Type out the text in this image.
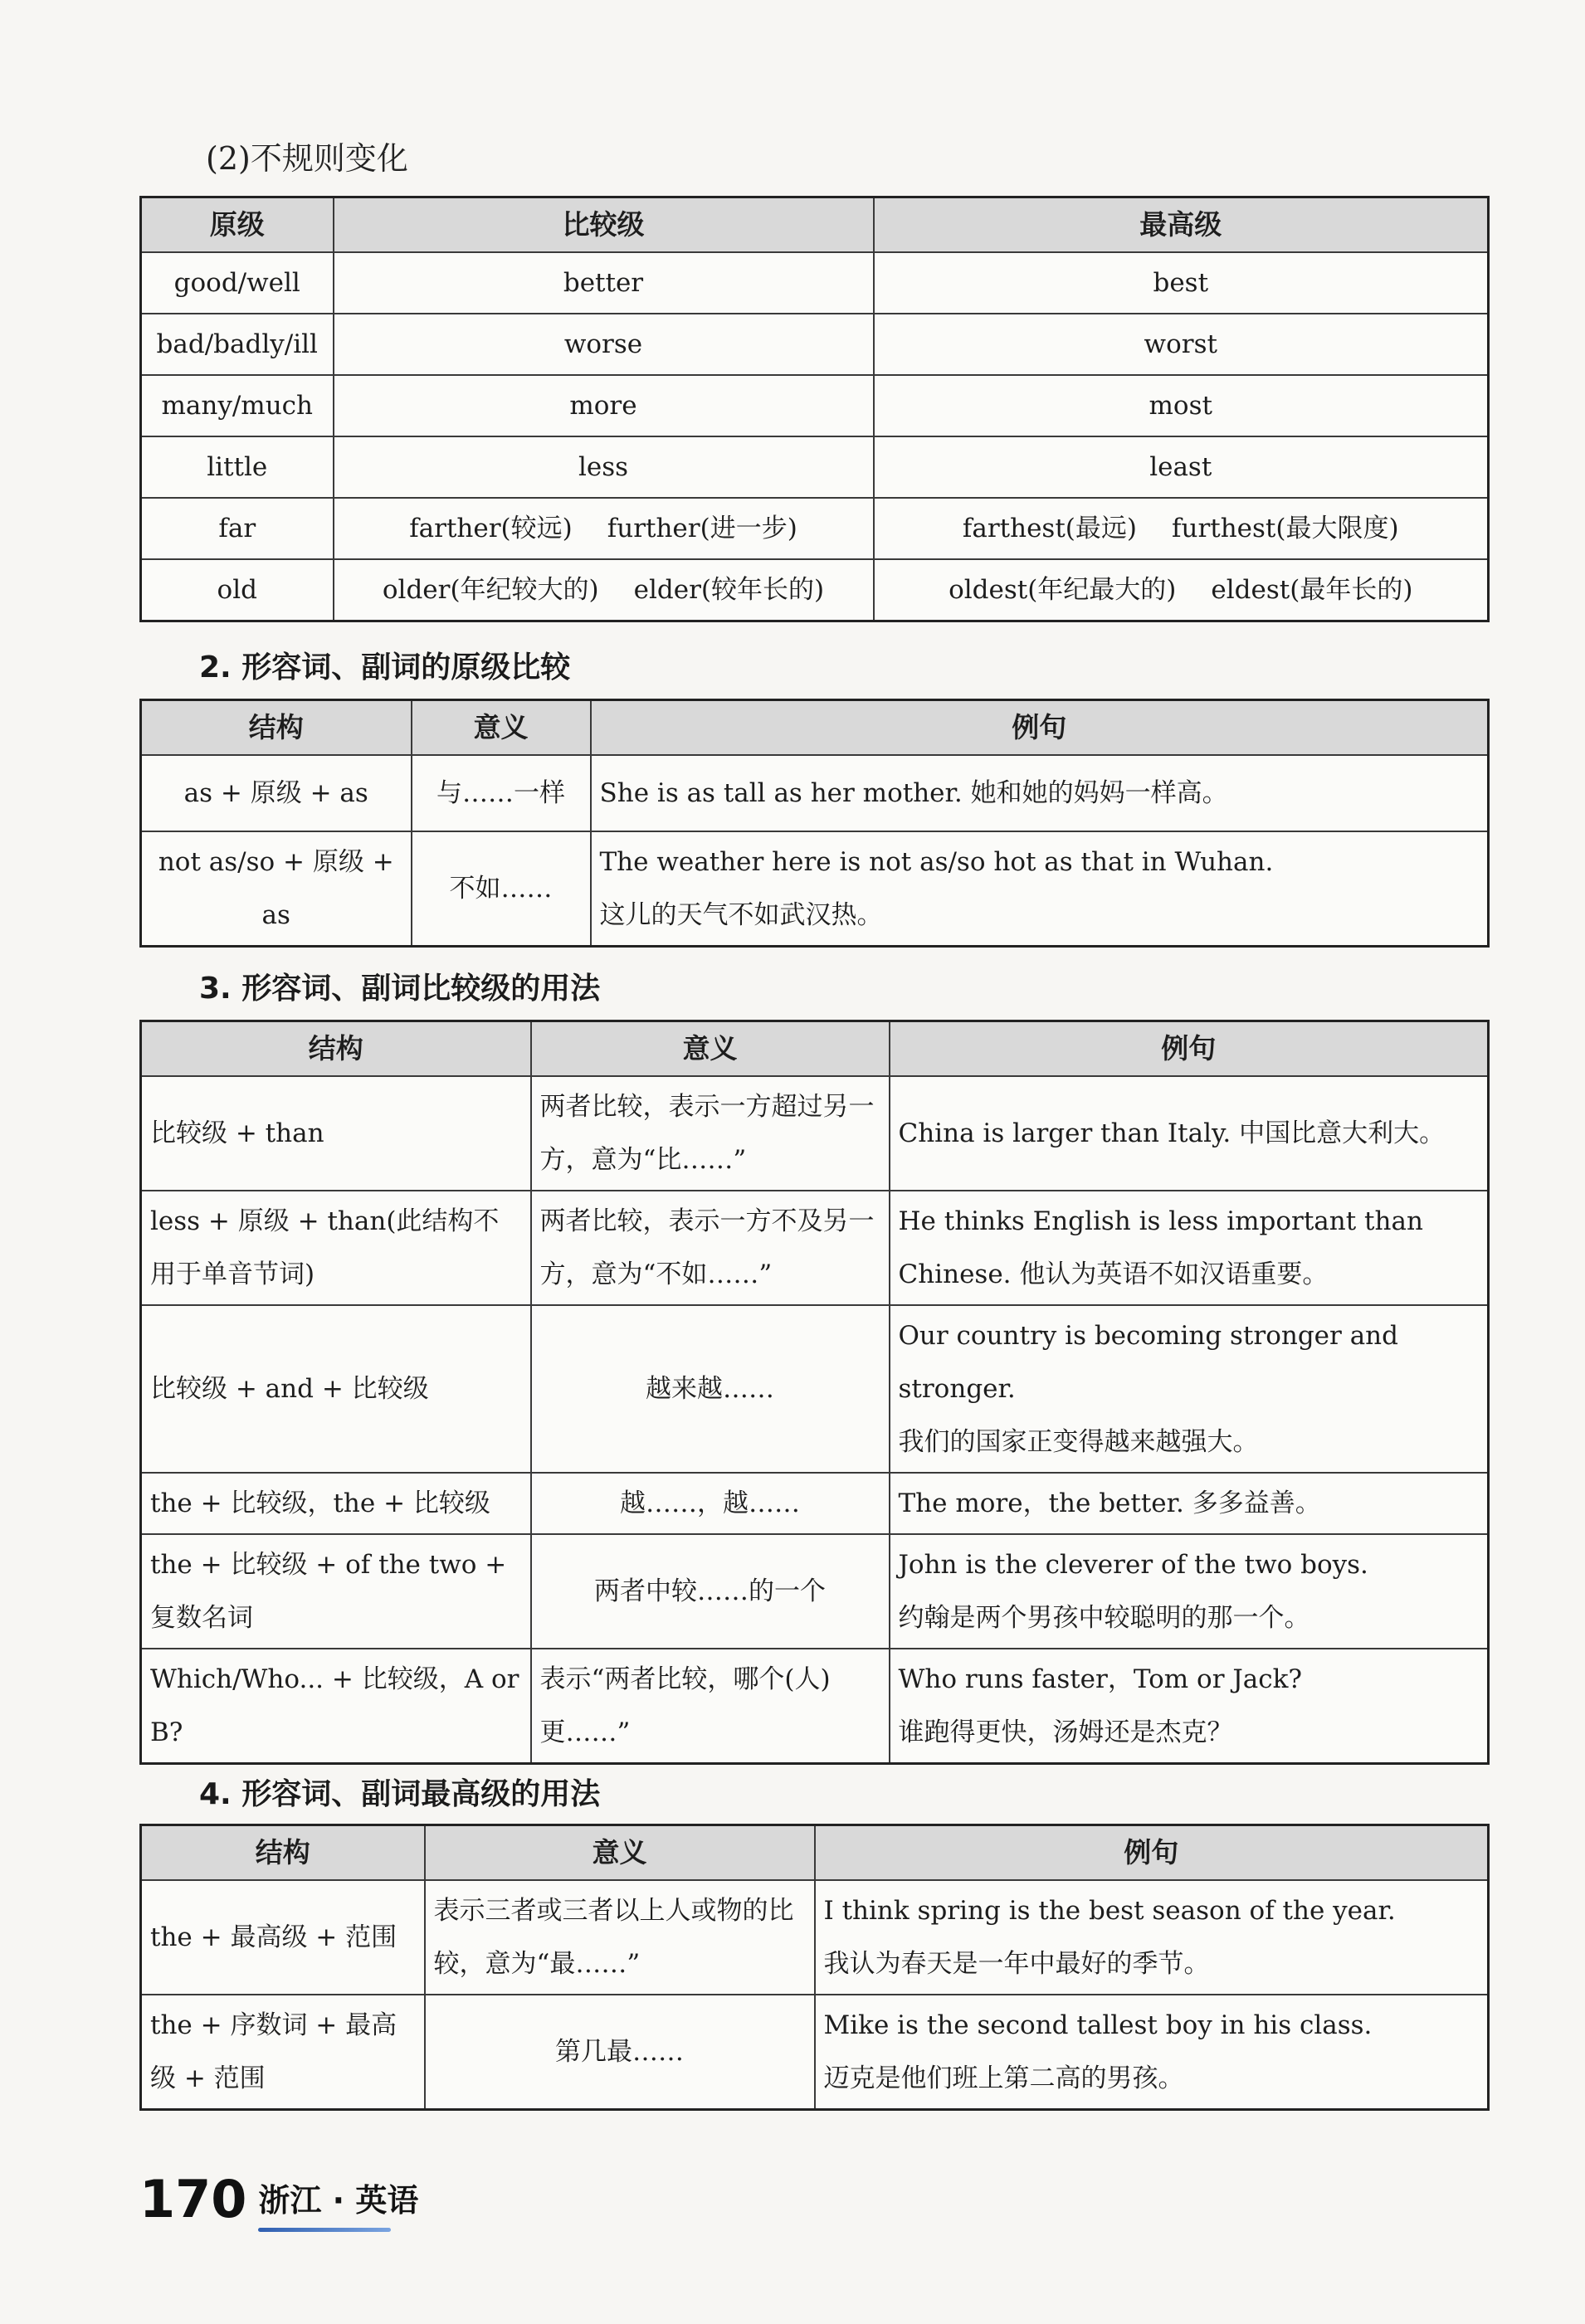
(2)不规则变化
原级	比较级	最高级
good/well	better	best
bad/badly/ill	worse	worst
many/much	more	most
little	less	least
far	farther(较远) further(进一步)	farthest(最远) furthest(最大限度)
old	older(年纪较大的) elder(较年长的)	oldest(年纪最大的) eldest(最年长的)
2. 形容词、副词的原级比较
结构	意义	例句
as + 原级 + as	与……一样	She is as tall as her mother. 她和她的妈妈一样高。

not as/so + 原级 + as	不如……	The weather here is not as/so hot as that in Wuhan.
这儿的天气不如武汉热。
3. 形容词、副词比较级的用法
结构	意义	例句
比较级 + than	两者比较，表示一方超过另一方，意为“比……”	China is larger than Italy. 中国比意大利大。

less + 原级 + than(此结构不用于单音节词)	两者比较，表示一方不及另一方，意为“不如……”	He thinks English is less important than Chinese. 他认为英语不如汉语重要。

比较级 + and + 比较级	越来越……	Our country is becoming stronger and stronger.
我们的国家正变得越来越强大。

the + 比较级，the + 比较级	越……，越……	The more，the better. 多多益善。

the + 比较级 + of the two + 复数名词	两者中较……的一个	John is the cleverer of the two boys.
约翰是两个男孩中较聪明的那一个。

Which/Who... + 比较级，A or B?	表示“两者比较，哪个(人)更……”	Who runs faster，Tom or Jack?
谁跑得更快，汤姆还是杰克？
4. 形容词、副词最高级的用法
结构	意义	例句
the + 最高级 + 范围	表示三者或三者以上人或物的比较，意为“最……”	I think spring is the best season of the year.
我认为春天是一年中最好的季节。

the + 序数词 + 最高级 + 范围	第几最……	Mike is the second tallest boy in his class.
迈克是他们班上第二高的男孩。
170 浙江 · 英语
